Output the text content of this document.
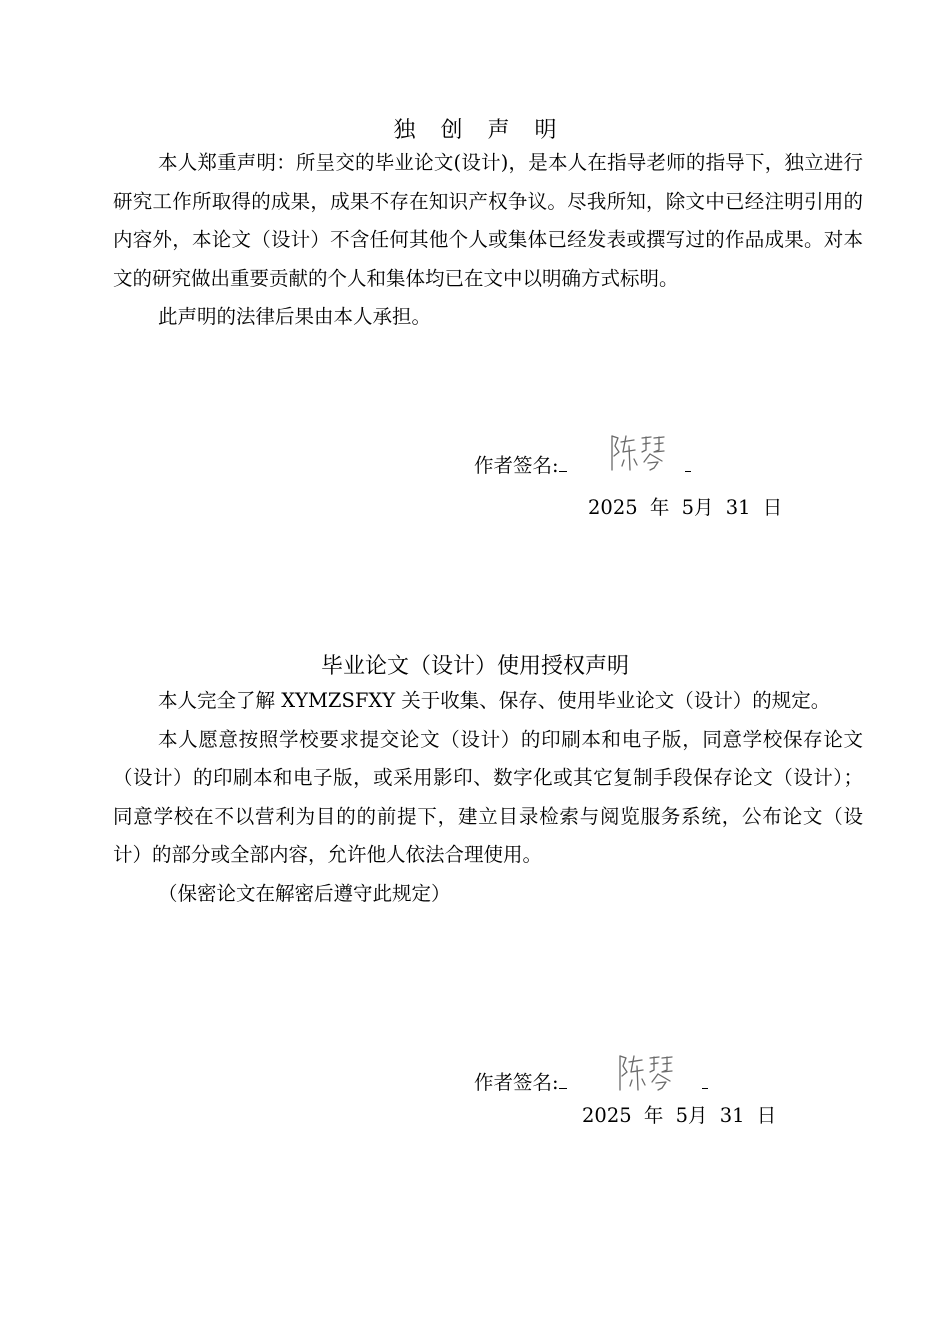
独 创 声 明

本人郑重声明：所呈交的毕业论文(设计)，是本人在指导老师的指导下，独立进行研究工作所取得的成果，成果不存在知识产权争议。尽我所知，除文中已经注明引用的内容外，本论文（设计）不含任何其他个人或集体已经发表或撰写过的作品成果。对本文的研究做出重要贡献的个人和集体均已在文中以明确方式标明。

此声明的法律后果由本人承担。

作者签名:
2025 年 5月 31 日
毕业论文（设计）使用授权声明

本人完全了解 XYMZSFXY 关于收集、保存、使用毕业论文（设计）的规定。

本人愿意按照学校要求提交论文（设计）的印刷本和电子版，同意学校保存论文（设计）的印刷本和电子版，或采用影印、数字化或其它复制手段保存论文（设计）；同意学校在不以营利为目的的前提下，建立目录检索与阅览服务系统，公布论文（设计）的部分或全部内容，允许他人依法合理使用。

（保密论文在解密后遵守此规定）

作者签名:
2025 年 5月 31 日
